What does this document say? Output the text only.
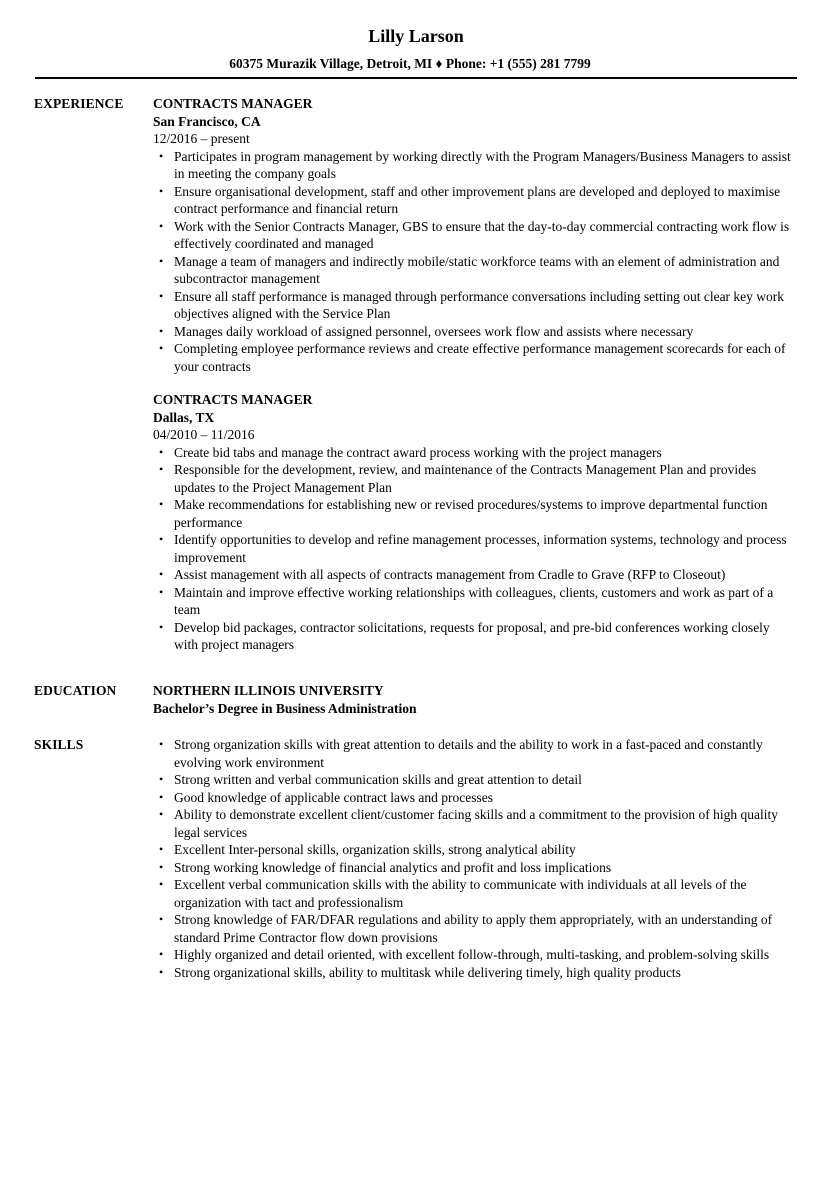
Lilly Larson
60375 Murazik Village, Detroit, MI ♦ Phone: +1 (555) 281 7799
EXPERIENCE CONTRACTS MANAGER
San Francisco, CA
12/2016 – present
• Participates in program management by working directly with the Program Managers/Business Managers to assist in meeting the company goals
• Ensure organisational development, staff and other improvement plans are developed and deployed to maximise contract performance and financial return
• Work with the Senior Contracts Manager, GBS to ensure that the day-to-day commercial contracting work flow is effectively coordinated and managed
• Manage a team of managers and indirectly mobile/static workforce teams with an element of administration and subcontractor management
• Ensure all staff performance is managed through performance conversations including setting out clear key work objectives aligned with the Service Plan
• Manages daily workload of assigned personnel, oversees work flow and assists where necessary
• Completing employee performance reviews and create effective performance management scorecards for each of your contracts
CONTRACTS MANAGER
Dallas, TX
04/2010 – 11/2016
• Create bid tabs and manage the contract award process working with the project managers
• Responsible for the development, review, and maintenance of the Contracts Management Plan and provides updates to the Project Management Plan
• Make recommendations for establishing new or revised procedures/systems to improve departmental function performance
• Identify opportunities to develop and refine management processes, information systems, technology and process improvement
• Assist management with all aspects of contracts management from Cradle to Grave (RFP to Closeout)
• Maintain and improve effective working relationships with colleagues, clients, customers and work as part of a team
• Develop bid packages, contractor solicitations, requests for proposal, and pre-bid conferences working closely with project managers
EDUCATION	NORTHERN ILLINOIS UNIVERSITY
Bachelor’s Degree in Business Administration
SKILLS
•	Strong organization skills with great attention to details and the ability to work in a fast-paced and constantly evolving work environment
• Strong written and verbal communication skills and great attention to detail
• Good knowledge of applicable contract laws and processes
• Ability to demonstrate excellent client/customer facing skills and a commitment to the provision of high quality legal services
• Excellent Inter-personal skills, organization skills, strong analytical ability
• Strong working knowledge of financial analytics and profit and loss implications
• Excellent verbal communication skills with the ability to communicate with individuals at all levels of the organization with tact and professionalism
• Strong knowledge of FAR/DFAR regulations and ability to apply them appropriately, with an understanding of standard Prime Contractor flow down provisions
• Highly organized and detail oriented, with excellent follow-through, multi-tasking, and problem-solving skills
• Strong organizational skills, ability to multitask while delivering timely, high quality products
